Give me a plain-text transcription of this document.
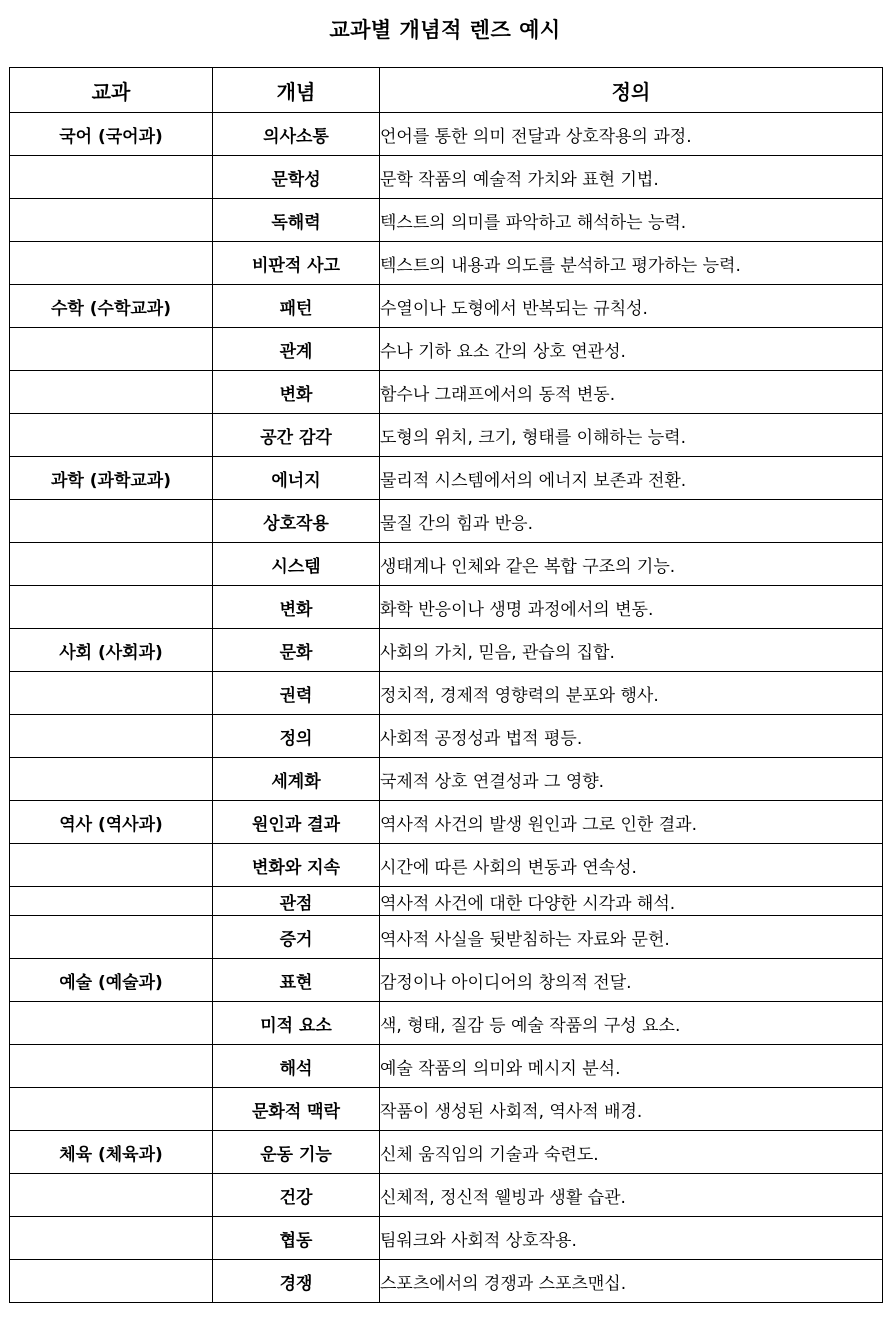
교과별 개념적 렌즈 예시
교과	개념	정의
국어 (국어과)	의사소통	언어를 통한 의미 전달과 상호작용의 과정.
	문학성	문학 작품의 예술적 가치와 표현 기법.
	독해력	텍스트의 의미를 파악하고 해석하는 능력.
	비판적 사고	텍스트의 내용과 의도를 분석하고 평가하는 능력.
수학 (수학교과)	패턴	수열이나 도형에서 반복되는 규칙성.
	관계	수나 기하 요소 간의 상호 연관성.
	변화	함수나 그래프에서의 동적 변동.
	공간 감각	도형의 위치, 크기, 형태를 이해하는 능력.
과학 (과학교과)	에너지	물리적 시스템에서의 에너지 보존과 전환.
	상호작용	물질 간의 힘과 반응.
	시스템	생태계나 인체와 같은 복합 구조의 기능.
	변화	화학 반응이나 생명 과정에서의 변동.
사회 (사회과)	문화	사회의 가치, 믿음, 관습의 집합.
	권력	정치적, 경제적 영향력의 분포와 행사.
	정의	사회적 공정성과 법적 평등.
	세계화	국제적 상호 연결성과 그 영향.
역사 (역사과)	원인과 결과	역사적 사건의 발생 원인과 그로 인한 결과.
	변화와 지속	시간에 따른 사회의 변동과 연속성.
	관점	역사적 사건에 대한 다양한 시각과 해석.
	증거	역사적 사실을 뒷받침하는 자료와 문헌.
예술 (예술과)	표현	감정이나 아이디어의 창의적 전달.
	미적 요소	색, 형태, 질감 등 예술 작품의 구성 요소.
	해석	예술 작품의 의미와 메시지 분석.
	문화적 맥락	작품이 생성된 사회적, 역사적 배경.
체육 (체육과)	운동 기능	신체 움직임의 기술과 숙련도.
	건강	신체적, 정신적 웰빙과 생활 습관.
	협동	팀워크와 사회적 상호작용.
	경쟁	스포츠에서의 경쟁과 스포츠맨십.
